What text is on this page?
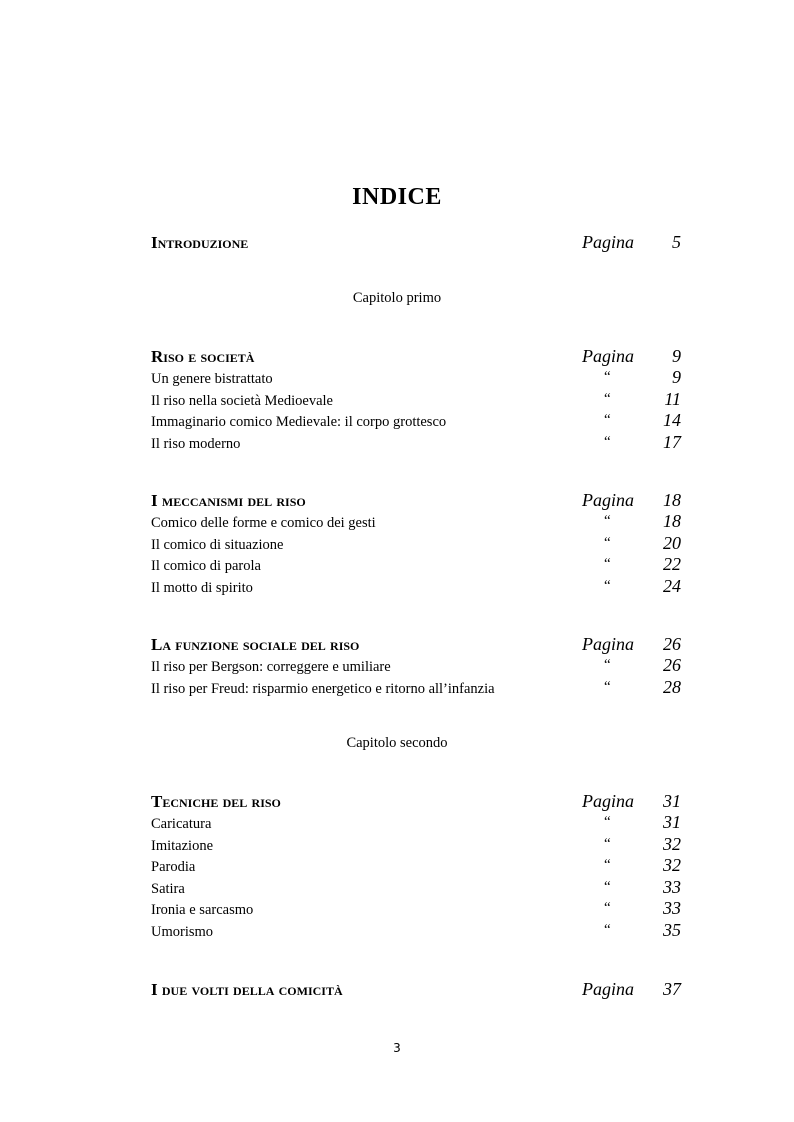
INDICE
Introduzione	Pagina 5
Capitolo primo
Riso e società	Pagina 9
Un genere bistrattato	“	9
Il riso nella società Medioevale	“	11
Immaginario comico Medievale: il corpo grottesco	“	14
Il riso moderno	“	17
I meccanismi del riso	Pagina 18
Comico delle forme e comico dei gesti	“	18
Il comico di situazione	“	20
Il comico di parola	“	22
Il motto di spirito	“	24
La funzione sociale del riso	Pagina 26
Il riso per Bergson: correggere e umiliare	“	26
Il riso per Freud: risparmio energetico e ritorno all’infanzia	“	28
Capitolo secondo
Tecniche del riso	Pagina 31
Caricatura	“	31
Imitazione	“	32
Parodia	“	32
Satira	“	33
Ironia e sarcasmo	“	33
Umorismo	“	35
I due volti della comicità	Pagina 37
3
